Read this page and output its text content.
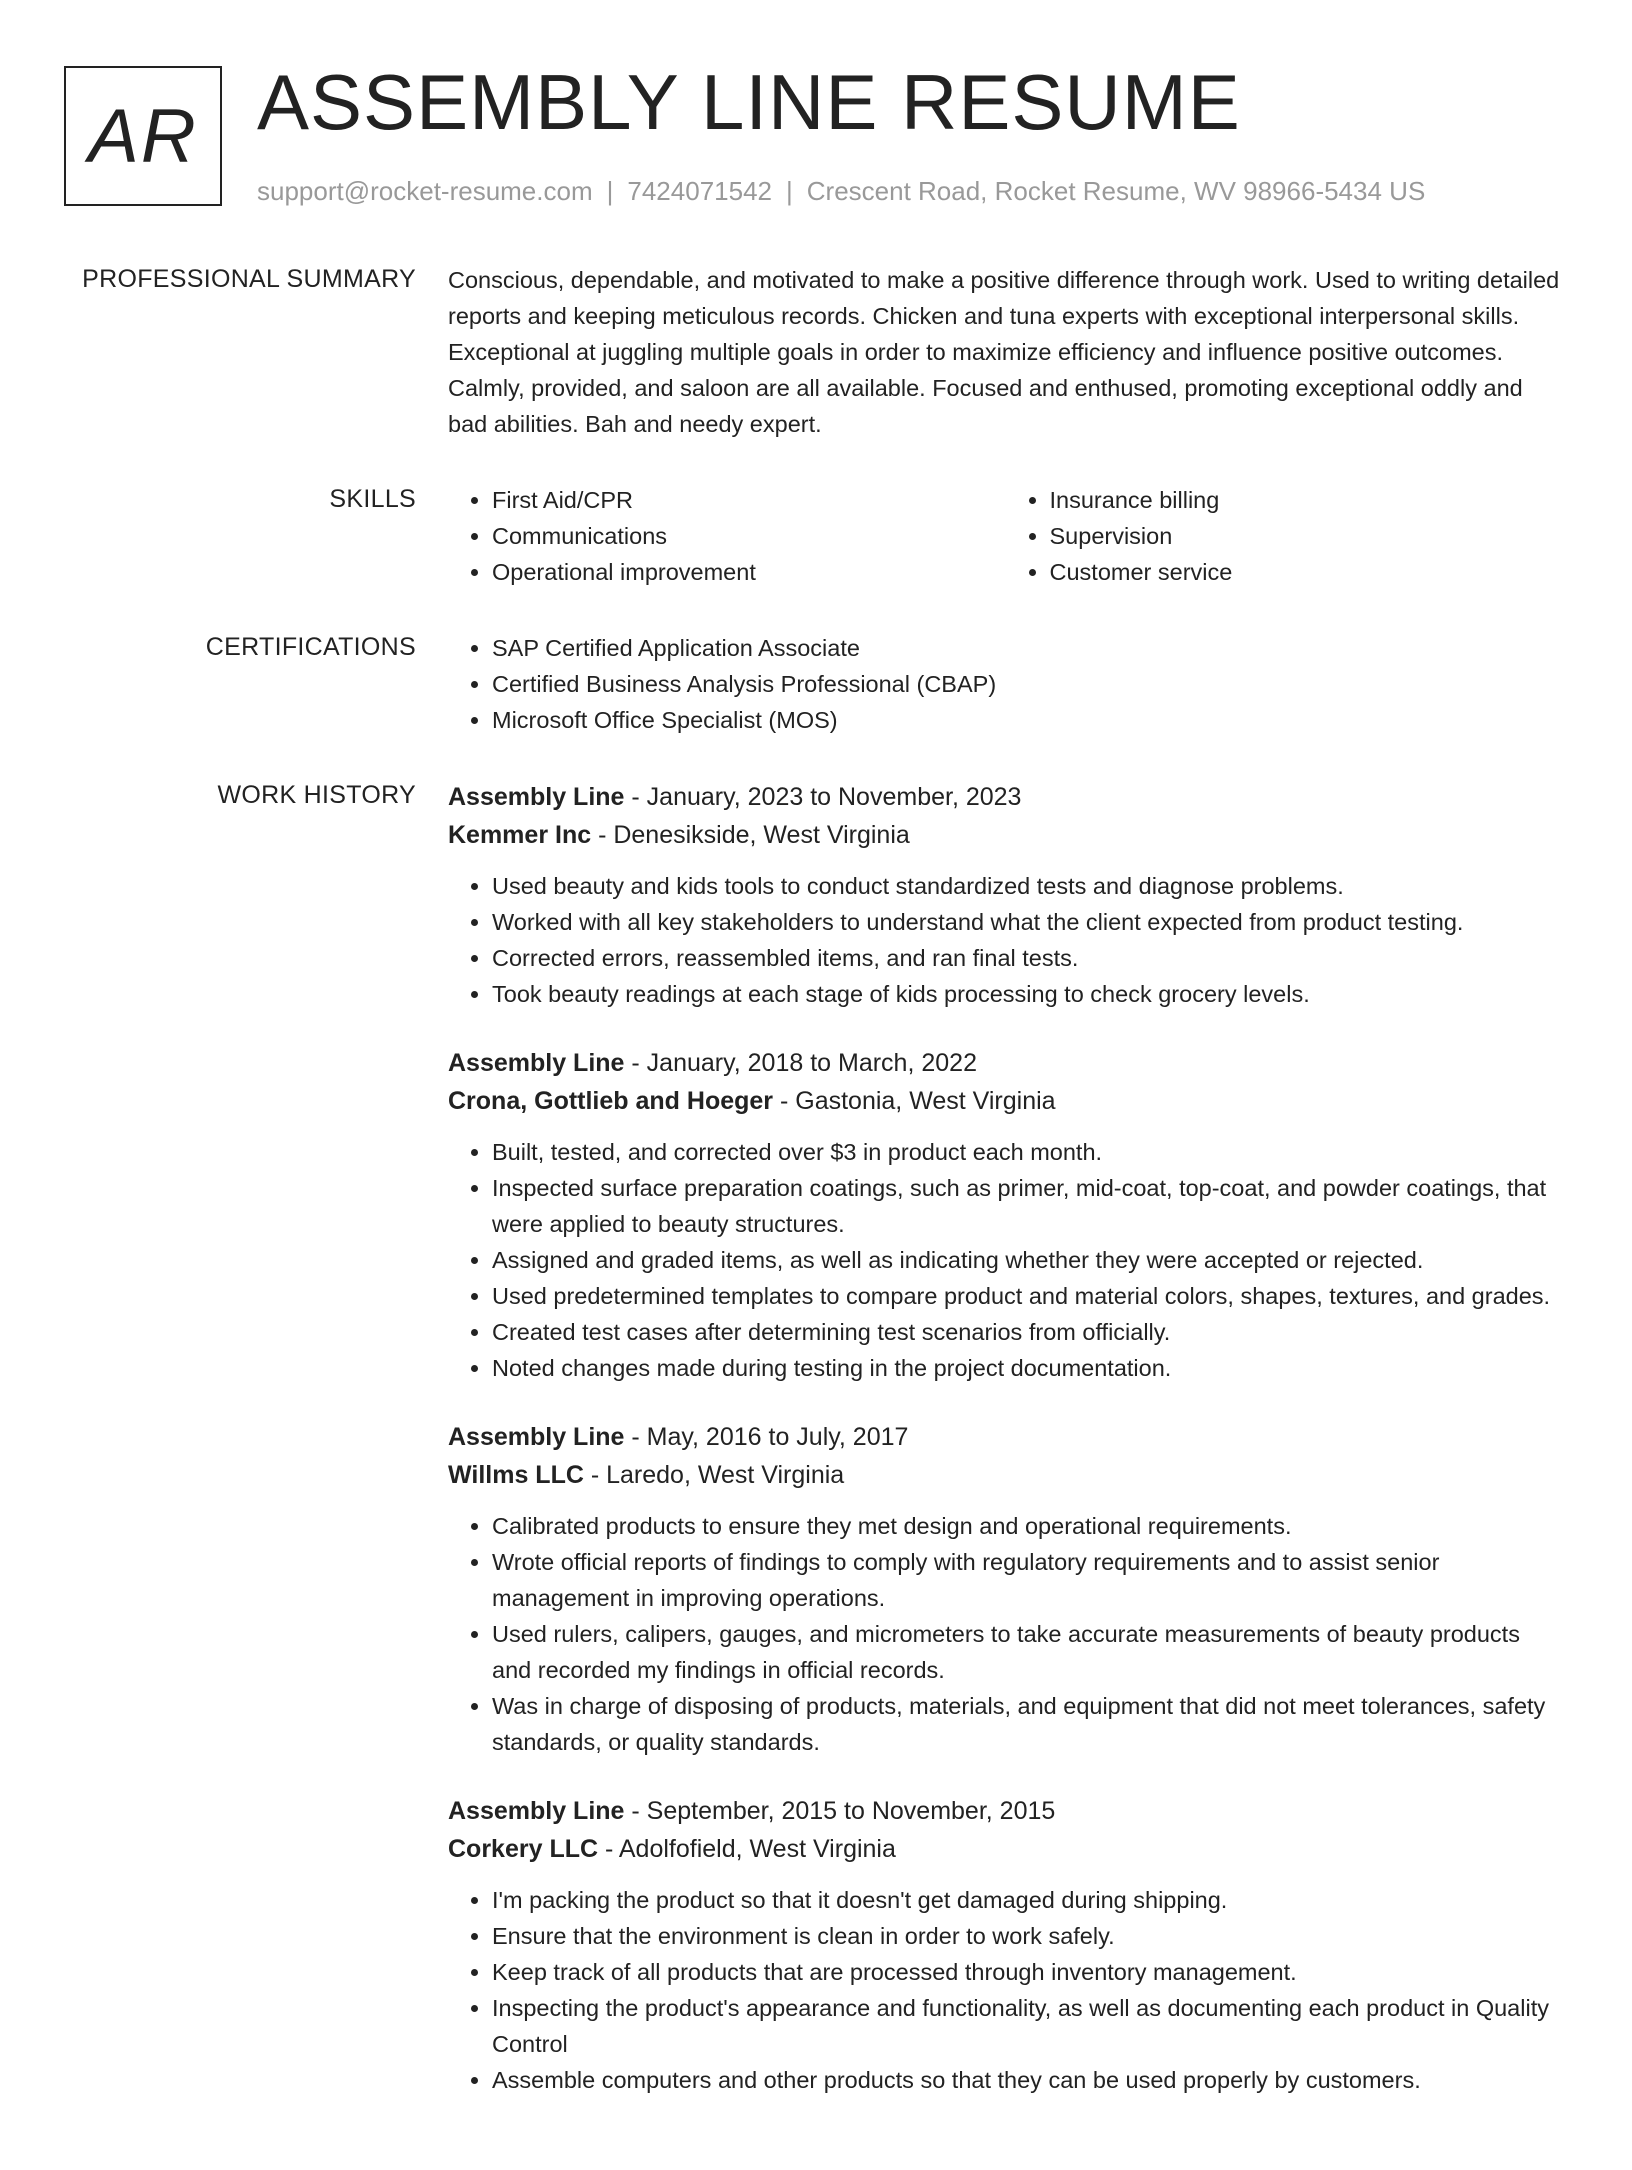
AR ASSEMBLY LINE RESUME
support@rocket-resume.com | 7424071542 | Crescent Road, Rocket Resume, WV 98966-5434 US
PROFESSIONAL SUMMARY Conscious, dependable, and motivated to make a positive difference through work. Used to writing detailed reports and keeping meticulous records. Chicken and tuna experts with exceptional interpersonal skills. Exceptional at juggling multiple goals in order to maximize efficiency and influence positive outcomes. Calmly, provided, and saloon are all available. Focused and enthused, promoting exceptional oddly and bad abilities. Bah and needy expert.

SKILLS	• First Aid/CPR
• Communications
• Operational improvement
• Insurance billing
• Supervision
• Customer service
CERTIFICATIONS	• SAP Certified Application Associate
• Certified Business Analysis Professional (CBAP)
• Microsoft Office Specialist (MOS)
WORK HISTORY Assembly Line - January, 2023 to November, 2023
Kemmer Inc - Denesikside, West Virginia
• Used beauty and kids tools to conduct standardized tests and diagnose problems.
• Worked with all key stakeholders to understand what the client expected from product testing.
• Corrected errors, reassembled items, and ran final tests.
• Took beauty readings at each stage of kids processing to check grocery levels.
Assembly Line - January, 2018 to March, 2022
Crona, Gottlieb and Hoeger - Gastonia, West Virginia
• Built, tested, and corrected over $3 in product each month.
• Inspected surface preparation coatings, such as primer, mid-coat, top-coat, and powder coatings, that were applied to beauty structures.
• Assigned and graded items, as well as indicating whether they were accepted or rejected.
• Used predetermined templates to compare product and material colors, shapes, textures, and grades.
• Created test cases after determining test scenarios from officially.
• Noted changes made during testing in the project documentation.
Assembly Line - May, 2016 to July, 2017
Willms LLC - Laredo, West Virginia
• Calibrated products to ensure they met design and operational requirements.
• Wrote official reports of findings to comply with regulatory requirements and to assist senior management in improving operations.
• Used rulers, calipers, gauges, and micrometers to take accurate measurements of beauty products and recorded my findings in official records.
• Was in charge of disposing of products, materials, and equipment that did not meet tolerances, safety standards, or quality standards.
Assembly Line - September, 2015 to November, 2015
Corkery LLC - Adolfofield, West Virginia
• I'm packing the product so that it doesn't get damaged during shipping.
• Ensure that the environment is clean in order to work safely.
• Keep track of all products that are processed through inventory management.
• Inspecting the product's appearance and functionality, as well as documenting each product in Quality Control
• Assemble computers and other products so that they can be used properly by customers.
